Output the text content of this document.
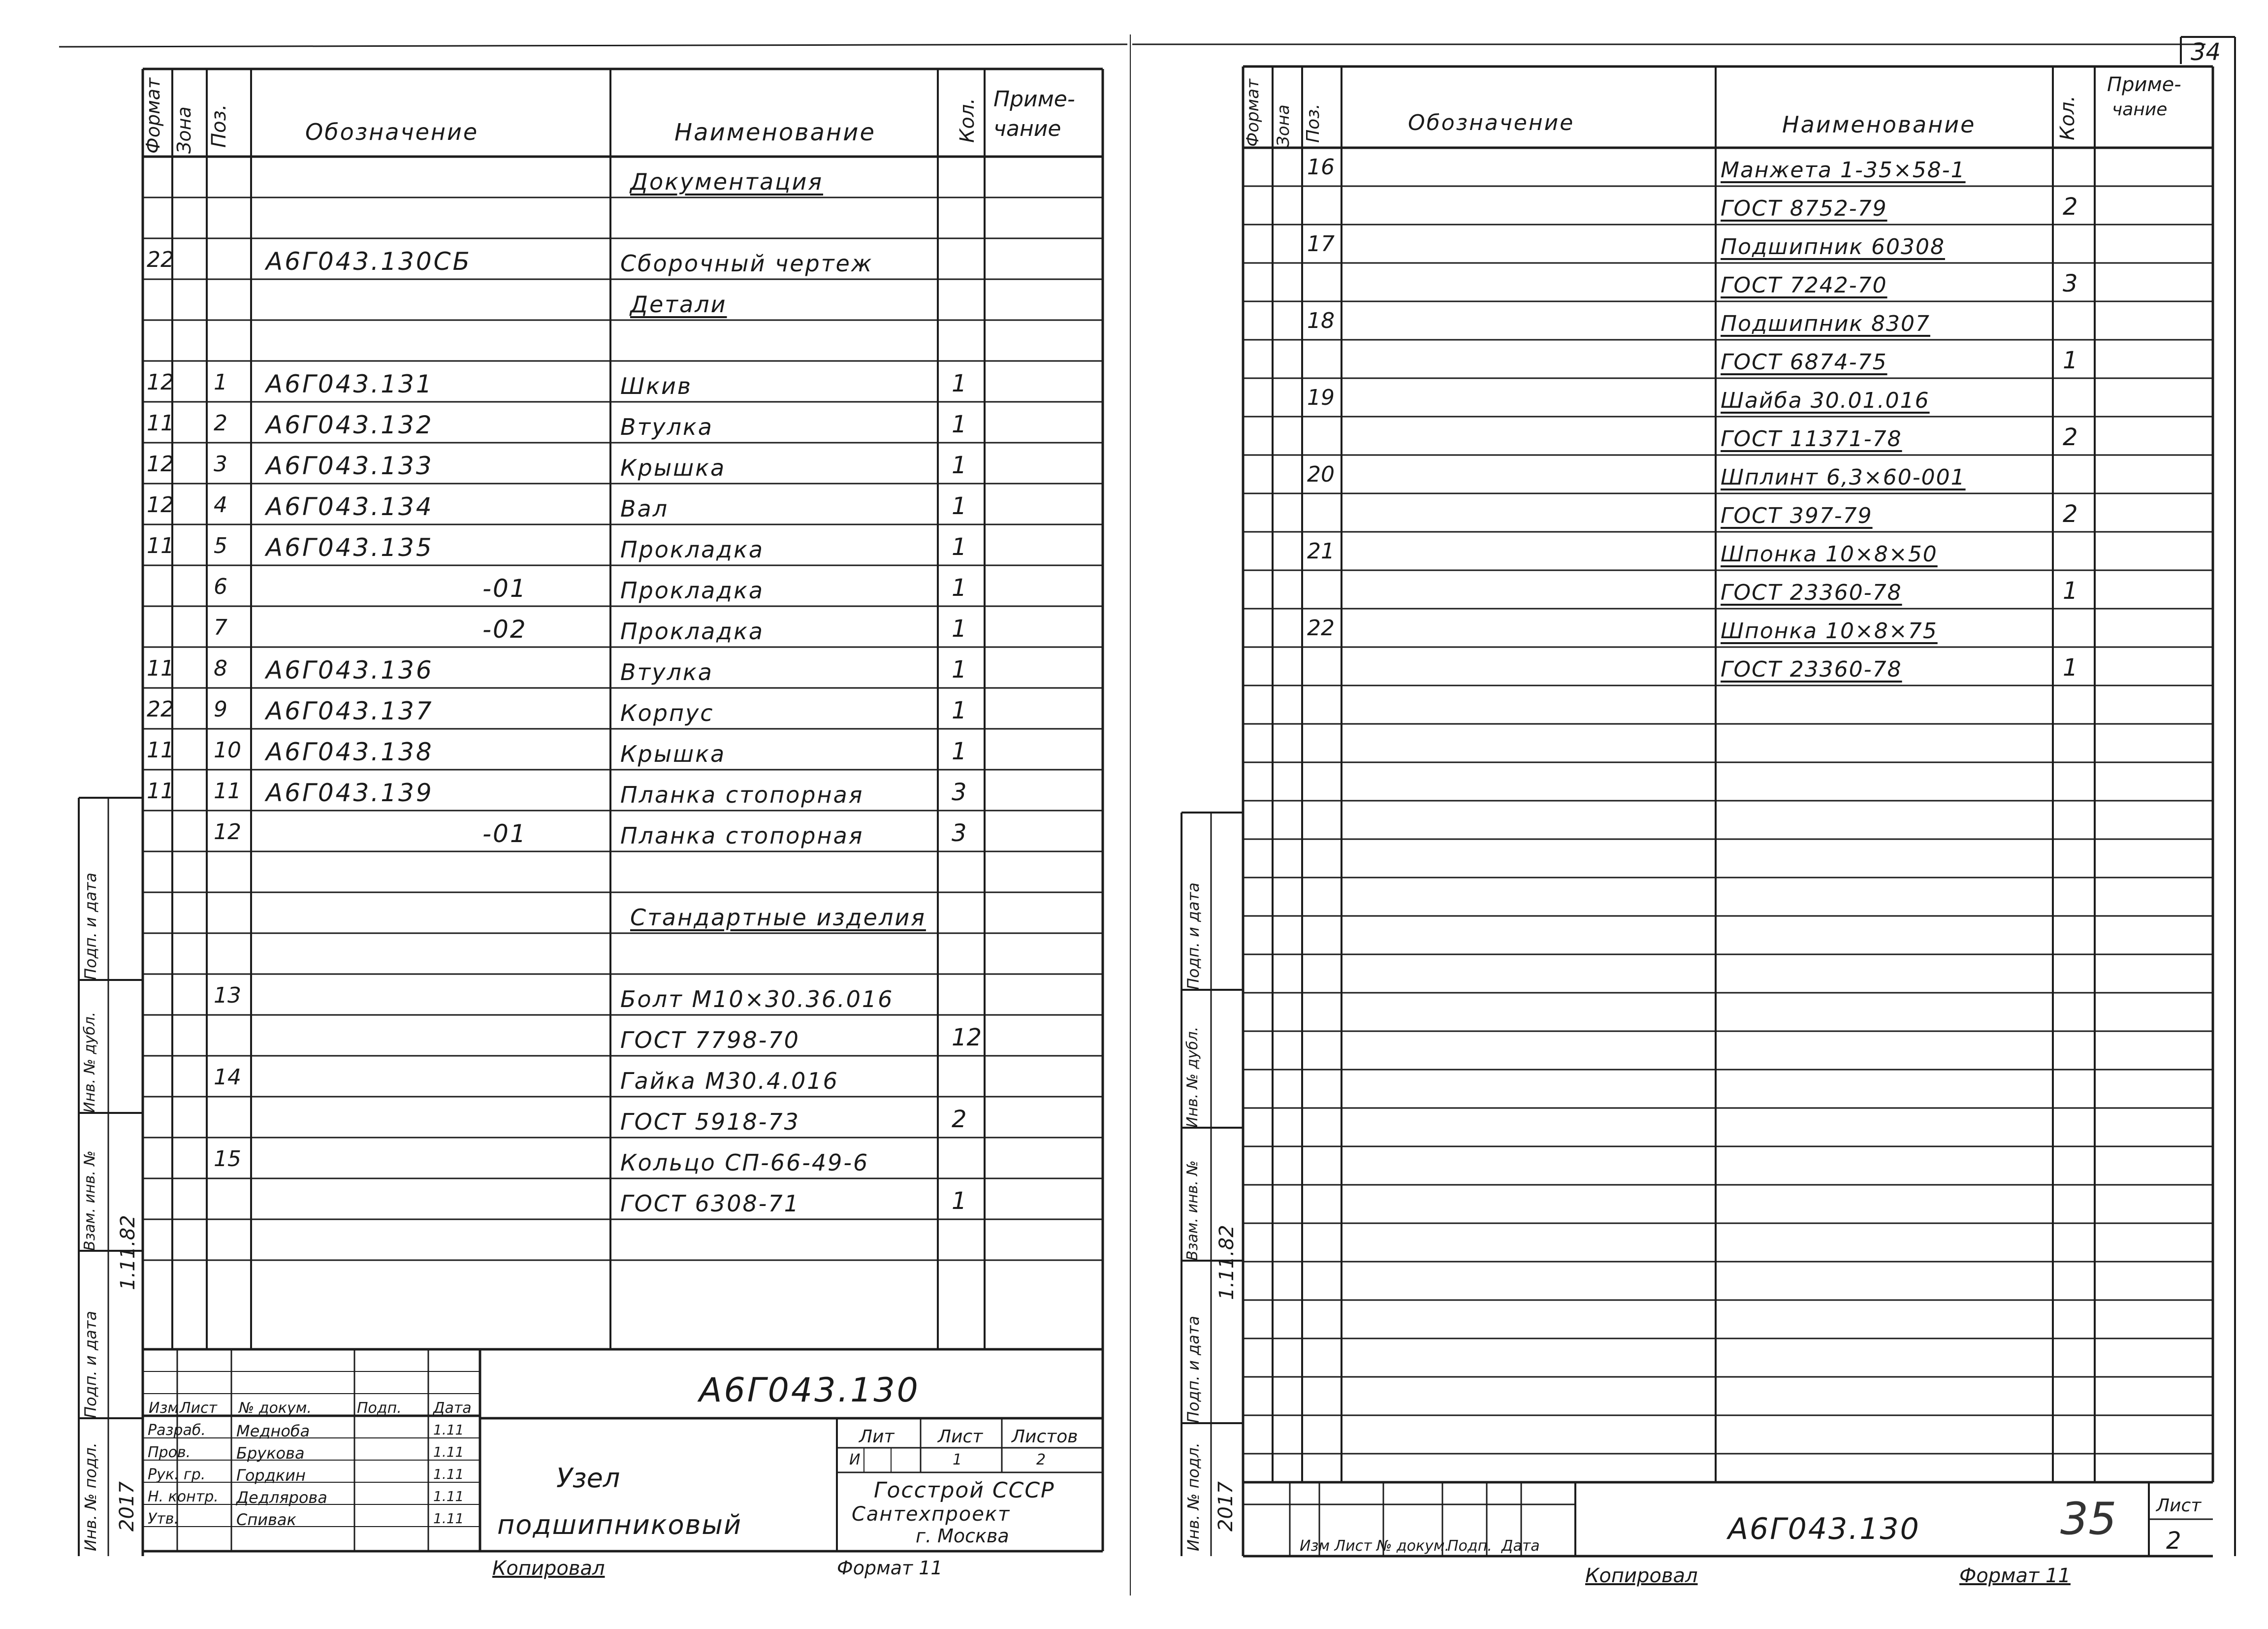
Формат Зона Поз.	Обозначение	Наименование	Кол. Приме-
чание
Документация
22	А6Г043.130СБ	Сборочный чертеж
Детали
12 1 А6Г043.131	Шкив	1
11 2 А6Г043.132	Втулка	1
12 3 А6Г043.133	Крышка	1
12 4 А6Г043.134	Вал	1
11 5 А6Г043.135	Прокладка	1
6	-01	Прокладка	1
7	-02	Прокладка	1
11 8 А6Г043.136	Втулка	1
22 9 А6Г043.137	Корпус	1
11 10 А6Г043.138	Крышка	1
11 11 А6Г043.139	Планка стопорная	3
12	-01	Планка стопорная	3
Стандартные изделия
13	Болт М10×30.36.016
ГОСТ 7798-70	12
14	Гайка М30.4.016
ГОСТ 5918-73	2
15	Кольцо СП-66-49-6
ГОСТ 6308-71	1
А6Г043.130
Изм Лист № докум.	Подп. Дата
Разраб. Медноба	1.11
Пров.	Брукова	1.11
Рук. гр. Гордкин	1.11
Н. контр. Дедлярова	1.11
Утв.	Спивак	1.11
Узел
подшипниковый
Лит Лист Листов
И	1	2
Госстрой СССР
Сантехпроект
г. Москва
Инв. № подл. 2017
Подп. и дата
1.11.82
Взам. инв. №
Инв. № дубл.
Подп. и дата
Копировал	Формат 11
34
Формат Зона Поз.	Обозначение	Наименование	Кол.
Приме-
чание
16	Манжета 1-35×58-1
ГОСТ 8752-79	2
17	Подшипник 60308
ГОСТ 7242-70	3
18	Подшипник 8307
ГОСТ 6874-75	1
19	Шайба 30.01.016
ГОСТ 11371-78	2
20	Шплинт 6,3×60-001
ГОСТ 397-79	2
21	Шпонка 10×8×50
ГОСТ 23360-78	1
22	Шпонка 10×8×75
ГОСТ 23360-78	1
А6Г043.130	35 Лист
2
Изм Лист № докум.
Подп. Дата
Инв. № подл. 2017
Подп. и дата
1.11.82
Взам. инв. №
Инв. № дубл.
Подп. и дата
Копировал	Формат 11
